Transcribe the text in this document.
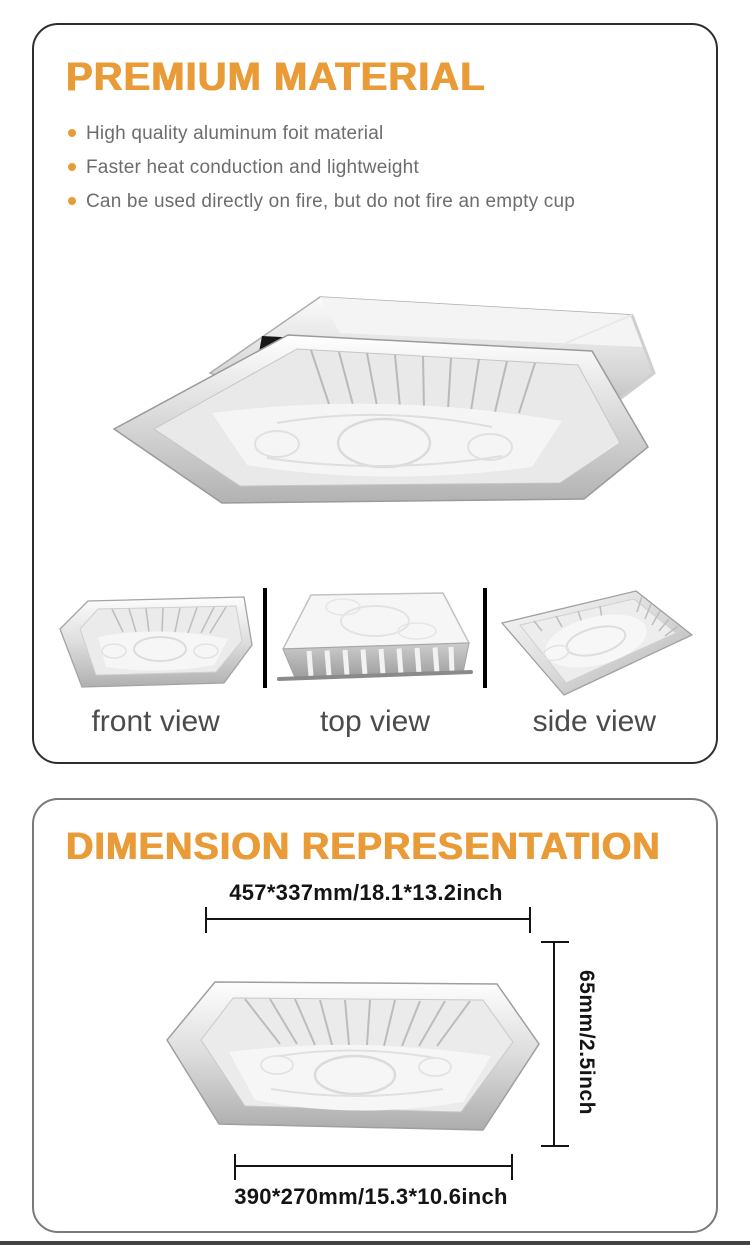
PREMIUM MATERIAL
High quality aluminum foit material
Faster heat conduction and lightweight
Can be used directly on fire, but do not fire an empty cup
front view	top view	side view
DIMENSION REPRESENTATION
457*337mm/18.1*13.2inch
65mm/2.5inch
390*270mm/15.3*10.6inch
